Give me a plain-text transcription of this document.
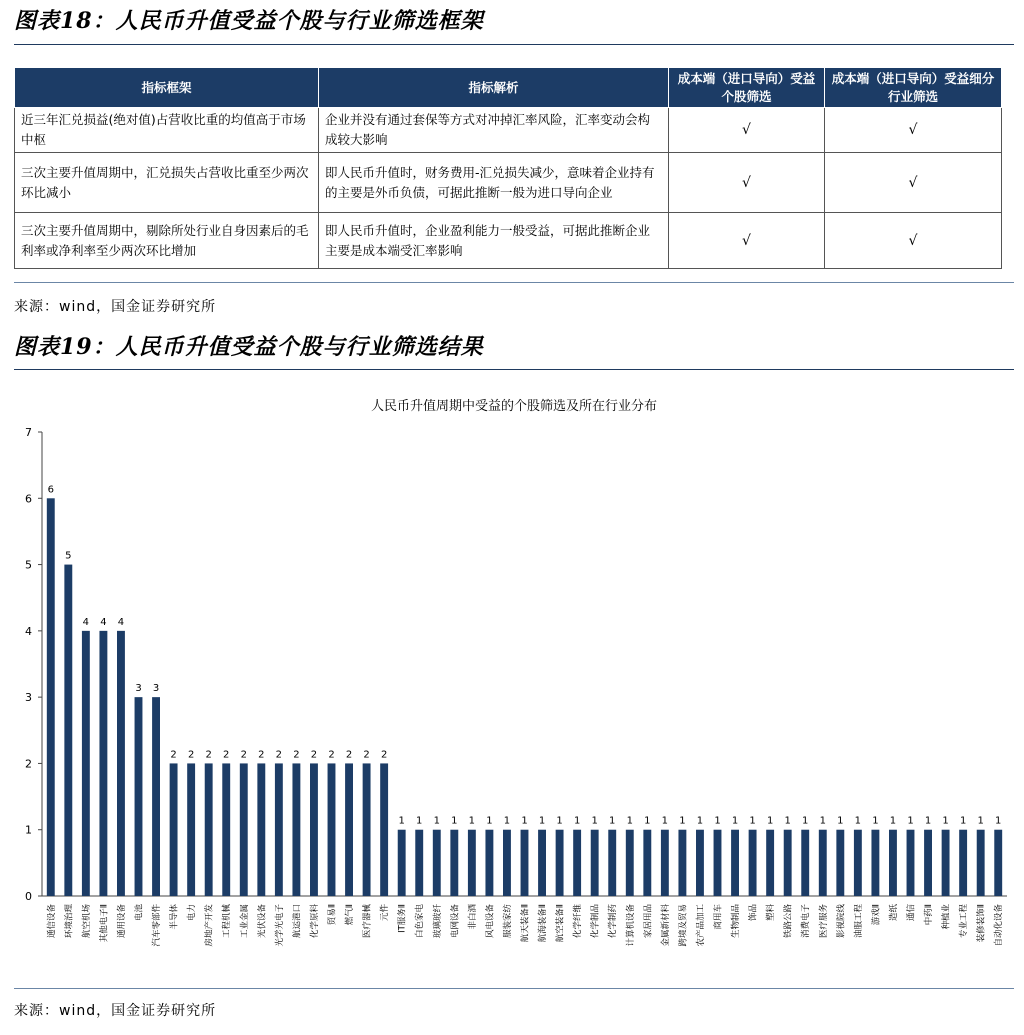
图表18：人民币升值受益个股与行业筛选框架
指标框架	指标解析	成本端（进口导向）受益个股筛选	成本端（进口导向）受益细分行业筛选
近三年汇兑损益(绝对值)占营收比重的均值高于市场中枢	企业并没有通过套保等方式对冲掉汇率风险，汇率变动会构成较大影响	√	√
三次主要升值周期中，汇兑损失占营收比重至少两次环比减小	即人民币升值时，财务费用-汇兑损失减少，意味着企业持有的主要是外币负债，可据此推断一般为进口导向企业	√	√
三次主要升值周期中，剔除所处行业自身因素后的毛利率或净利率至少两次环比增加	即人民币升值时，企业盈利能力一般受益，可据此推断企业主要是成本端受汇率影响	√	√
来源：wind，国金证券研究所
图表19：人民币升值受益个股与行业筛选结果
人民币升值周期中受益的个股筛选及所在行业分布
0
1
2
3
4
5
6
7
6
通信设备
5
环境治理
4
航空机场
4
其他电子Ⅱ
4
通用设备
3
电池
3
汽车零部件
2
半导体
2
电力
2
房地产开发
2
工程机械
2
工业金属
2
光伏设备
2
光学光电子
2
航运港口
2
化学原料
2
贸易Ⅱ
2
燃气Ⅱ
2
医疗器械
2
元件
1
IT服务Ⅱ
1
白色家电
1
玻璃玻纤
1
电网设备
1
非白酒
1
风电设备
1
服装家纺
1
航天装备Ⅱ
1
航海装备Ⅱ
1
航空装备Ⅱ
1
化学纤维
1
化学制品
1
化学制药
1
计算机设备
1
家居用品
1
金属新材料
1
跨境及贸易
1
农产品加工
1
商用车
1
生物制品
1
饰品
1
塑料
1
铁路公路
1
消费电子
1
医疗服务
1
影视院线
1
油服工程
1
游戏Ⅱ
1
造纸
1
通信
1
中药Ⅱ
1
种植业
1
专业工程
1
装修装饰Ⅱ
1
自动化设备
来源：wind，国金证券研究所
